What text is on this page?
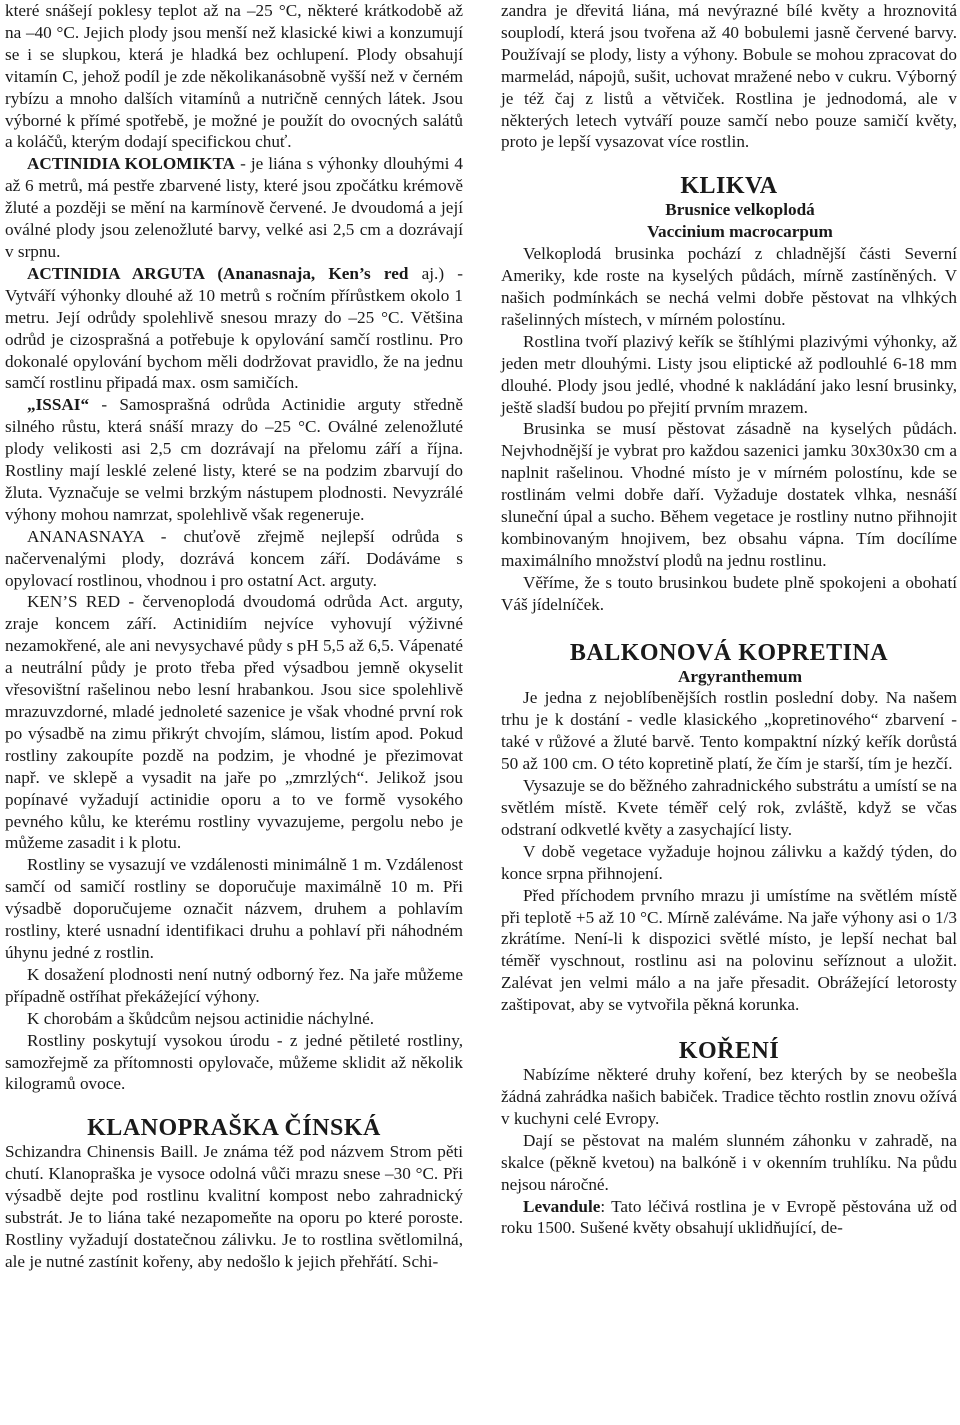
které snášejí poklesy teplot až na –25 °C, některé krátkodobě až na –40 °C. Jejich plody jsou menší než klasické kiwi a konzumují se i se slupkou, která je hladká bez ochlupení. Plody obsahují vitamín C, jehož podíl je zde několikanásobně vyšší než v černém rybízu a mnoho dalších vitamínů a nutričně cenných látek. Jsou výborné k přímé spotřebě, je možné je použít do ovocných salátů a koláčů, kterým dodají specifickou chuť.

ACTINIDIA KOLOMIKTA - je liána s výhonky dlouhými 4 až 6 metrů, má pestře zbarvené listy, které jsou zpočátku krémově žluté a později se mění na karmínově červené. Je dvoudomá a její oválné plody jsou zelenožluté barvy, velké asi 2,5 cm a dozrávají v srpnu.

ACTINIDIA ARGUTA (Ananasnaja, Ken’s red aj.) - Vytváří výhonky dlouhé až 10 metrů s ročním přírůstkem okolo 1 metru. Její odrůdy spolehlivě snesou mrazy do –25 °C. Většina odrůd je cizosprašná a potřebuje k opylování samčí rostlinu. Pro dokonalé opylování bychom měli dodržovat pravidlo, že na jednu samčí rostlinu připadá max. osm samičích.

„ISSAI“ - Samosprašná odrůda Actinidie arguty středně silného růstu, která snáší mrazy do –25 °C. Oválné zelenožluté plody velikosti asi 2,5 cm dozrávají na přelomu září a října. Rostliny mají lesklé zelené listy, které se na podzim zbarvují do žluta. Vyznačuje se velmi brzkým nástupem plodnosti. Nevyzrálé výhony mohou namrzat, spolehlivě však regeneruje.

ANANASNAYA - chuťově zřejmě nejlepší odrůda s načervenalými plody, dozrává koncem září. Dodáváme s opylovací rostlinou, vhodnou i pro ostatní Act. arguty.

KEN’S RED - červenoplodá dvoudomá odrůda Act. arguty, zraje koncem září. Actinidiím nejvíce vyhovují výživné nezamokřené, ale ani nevysychavé půdy s pH 5,5 až 6,5. Vápenaté a neutrální půdy je proto třeba před výsadbou jemně okyselit vřesovištní rašelinou nebo lesní hrabankou. Jsou sice spolehlivě mrazuvzdorné, mladé jednoleté sazenice je však vhodné první rok po výsadbě na zimu přikrýt chvojím, slámou, listím apod. Pokud rostliny zakoupíte pozdě na podzim, je vhodné je přezimovat např. ve sklepě a vysadit na jaře po „zmrzlých“. Jelikož jsou popínavé vyžadují actinidie oporu a to ve formě vysokého pevného kůlu, ke kterému rostliny vyvazujeme, pergolu nebo je můžeme zasadit i k plotu.

Rostliny se vysazují ve vzdálenosti minimálně 1 m. Vzdálenost samčí od samičí rostliny se doporučuje maximálně 10 m. Při výsadbě doporučujeme označit názvem, druhem a pohlavím rostliny, které usnadní identifikaci druhu a pohlaví při náhodném úhynu jedné z rostlin.

K dosažení plodnosti není nutný odborný řez. Na jaře můžeme případně ostříhat překážející výhony.

K chorobám a škůdcům nejsou actinidie náchylné.

Rostliny poskytují vysokou úrodu - z jedné pětileté rostliny, samozřejmě za přítomnosti opylovače, můžeme sklidit až několik kilogramů ovoce.

KLANOPRAŠKA ČÍNSKÁ

Schizandra Chinensis Baill. Je známa též pod názvem Strom pěti chutí. Klanopraška je vysoce odolná vůči mrazu snese –30 °C. Při výsadbě dejte pod rostlinu kvalitní kompost nebo zahradnický substrát. Je to liána také nezapomeňte na oporu po které poroste. Rostliny vyžadují dostatečnou zálivku. Je to rostlina světlomilná, ale je nutné zastínit kořeny, aby nedošlo k jejich přehřátí. Schi-

zandra je dřevitá liána, má nevýrazné bílé květy a hroznovitá souplodí, která jsou tvořena až 40 bobulemi jasně červené barvy. Používají se plody, listy a výhony. Bobule se mohou zpracovat do marmelád, nápojů, sušit, uchovat mražené nebo v cukru. Výborný je též čaj z listů a větviček. Rostlina je jednodomá, ale v některých letech vytváří pouze samčí nebo pouze samičí květy, proto je lepší vysazovat více rostlin.

KLIKVA

Brusnice velkoplodá

Vaccinium macrocarpum

Velkoplodá brusinka pochází z chladnější části Severní Ameriky, kde roste na kyselých půdách, mírně zastíněných. V našich podmínkách se nechá velmi dobře pěstovat na vlhkých rašelinných místech, v mírném polostínu.

Rostlina tvoří plazivý keřík se štíhlými plazivými výhonky, až jeden metr dlouhými. Listy jsou eliptické až podlouhlé 6-18 mm dlouhé. Plody jsou jedlé, vhodné k nakládání jako lesní brusinky, ještě sladší budou po přejití prvním mrazem.

Brusinka se musí pěstovat zásadně na kyselých půdách. Nejvhodnější je vybrat pro každou sazenici jamku 30x30x30 cm a naplnit rašelinou. Vhodné místo je v mírném polostínu, kde se rostlinám velmi dobře daří. Vyžaduje dostatek vlhka, nesnáší sluneční úpal a sucho. Během vegetace je rostliny nutno přihnojit kombinovaným hnojivem, bez obsahu vápna. Tím docílíme maximálního množství plodů na jednu rostlinu.

Věříme, že s touto brusinkou budete plně spokojeni a obohatí Váš jídelníček.

BALKONOVÁ KOPRETINA

Argyranthemum

Je jedna z nejoblíbenějších rostlin poslední doby. Na našem trhu je k dostání - vedle klasického „kopretinového“ zbarvení - také v růžové a žluté barvě. Tento kompaktní nízký keřík dorůstá 50 až 100 cm. O této kopretině platí, že čím je starší, tím je hezčí.

Vysazuje se do běžného zahradnického substrátu a umístí se na světlém místě. Kvete téměř celý rok, zvláště, když se včas odstraní odkvetlé květy a zasychající listy.

V době vegetace vyžaduje hojnou zálivku a každý týden, do konce srpna přihnojení.

Před příchodem prvního mrazu ji umístíme na světlém místě při teplotě +5 až 10 °C. Mírně zaléváme. Na jaře výhony asi o 1/3 zkrátíme. Není-li k dispozici světlé místo, je lepší nechat bal téměř vyschnout, rostlinu asi na polovinu seříznout a uložit. Zalévat jen velmi málo a na jaře přesadit. Obrážející letorosty zaštipovat, aby se vytvořila pěkná korunka.

KOŘENÍ

Nabízíme některé druhy koření, bez kterých by se neobešla žádná zahrádka našich babiček. Tradice těchto rostlin znovu ožívá v kuchyni celé Evropy.

Dají se pěstovat na malém slunném záhonku v zahradě, na skalce (pěkně kvetou) na balkóně i v okenním truhlíku. Na půdu nejsou náročné.

Levandule: Tato léčivá rostlina je v Evropě pěstována už od roku 1500. Sušené květy obsahují uklidňující, de-
